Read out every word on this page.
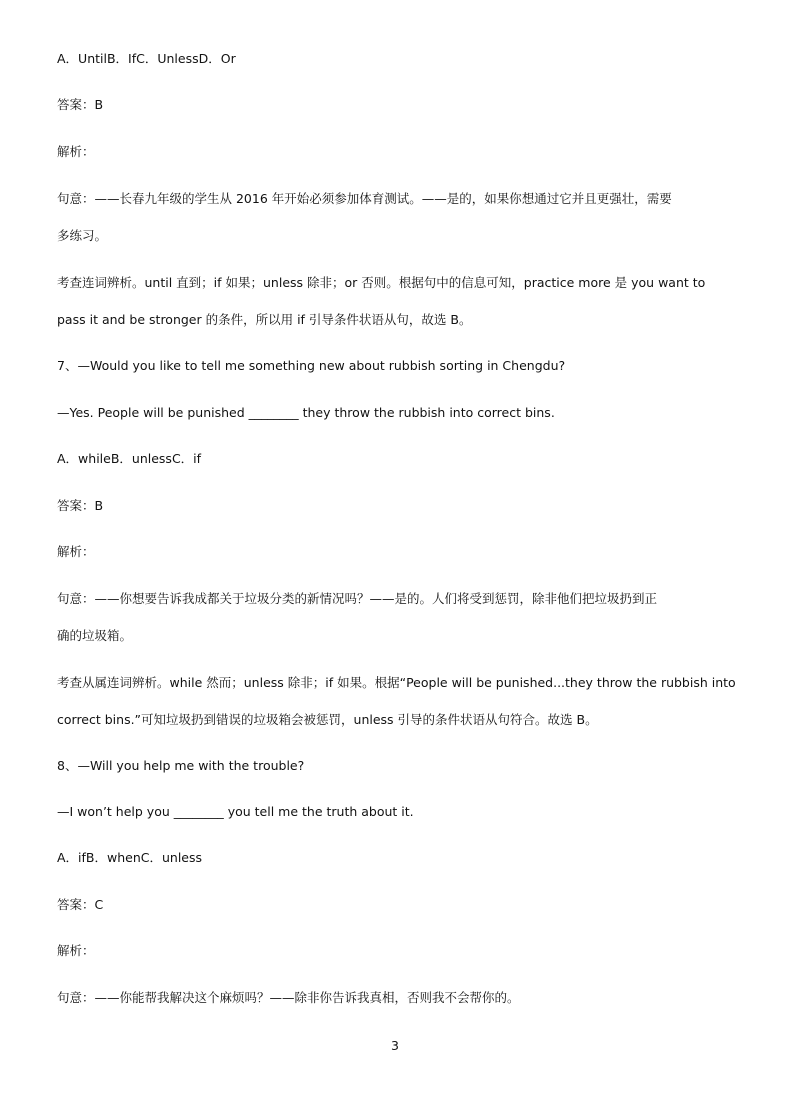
A．UntilB．IfC．UnlessD．Or
答案：B
解析：
句意：——长春九年级的学生从 2016 年开始必须参加体育测试。——是的，如果你想通过它并且更强壮，需要
多练习。
考查连词辨析。until 直到；if 如果；unless 除非；or 否则。根据句中的信息可知，practice more 是 you want to
pass it and be stronger 的条件，所以用 if 引导条件状语从句，故选 B。
7、—Would you like to tell me something new about rubbish sorting in Chengdu?
—Yes. People will be punished ________ they throw the rubbish into correct bins.
A．whileB．unlessC．if
答案：B
解析：
句意：——你想要告诉我成都关于垃圾分类的新情况吗？——是的。人们将受到惩罚，除非他们把垃圾扔到正
确的垃圾箱。
考查从属连词辨析。while 然而；unless 除非；if 如果。根据“People will be punished...they throw the rubbish into
correct bins.”可知垃圾扔到错误的垃圾箱会被惩罚，unless 引导的条件状语从句符合。故选 B。
8、—Will you help me with the trouble?
—I won’t help you ________ you tell me the truth about it.
A．ifB．whenC．unless
答案：C
解析：
句意：——你能帮我解决这个麻烦吗？——除非你告诉我真相，否则我不会帮你的。
3
